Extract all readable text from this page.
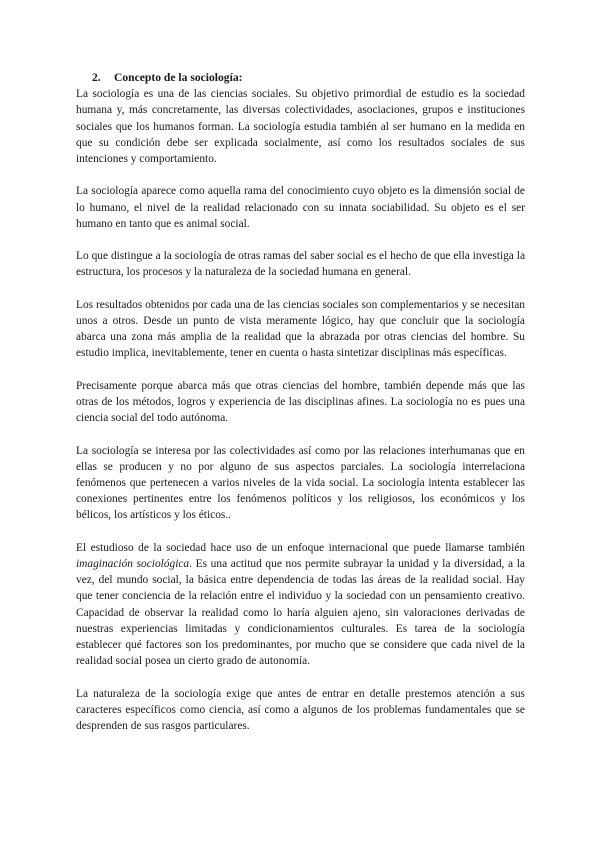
2. Concepto de la sociología:

La sociología es una de las ciencias sociales. Su objetivo primordial de estudio es la sociedad humana y, más concretamente, las diversas colectividades, asociaciones, grupos e instituciones sociales que los humanos forman. La sociología estudia también al ser humano en la medida en que su condición debe ser explicada socialmente, así como los resultados sociales de sus intenciones y comportamiento.

La sociología aparece como aquella rama del conocimiento cuyo objeto es la dimensión social de lo humano, el nivel de la realidad relacionado con su innata sociabilidad. Su objeto es el ser humano en tanto que es animal social.

Lo que distingue a la sociología de otras ramas del saber social es el hecho de que ella investiga la estructura, los procesos y la naturaleza de la sociedad humana en general.

Los resultados obtenidos por cada una de las ciencias sociales son complementarios y se necesitan unos a otros. Desde un punto de vista meramente lógico, hay que concluir que la sociología abarca una zona más amplia de la realidad que la abrazada por otras ciencias del hombre. Su estudio implica, inevitablemente, tener en cuenta o hasta sintetizar disciplinas más específicas.

Precisamente porque abarca más que otras ciencias del hombre, también depende más que las otras de los métodos, logros y experiencia de las disciplinas afines. La sociología no es pues una ciencia social del todo autónoma.

La sociología se interesa por las colectividades así como por las relaciones interhumanas que en ellas se producen y no por alguno de sus aspectos parciales. La sociología interrelaciona fenómenos que pertenecen a varios niveles de la vida social. La sociología intenta establecer las conexiones pertinentes entre los fenómenos políticos y los religiosos, los económicos y los bélicos, los artísticos y los éticos..

El estudioso de la sociedad hace uso de un enfoque internacional que puede llamarse también imaginación sociológica. Es una actitud que nos permite subrayar la unidad y la diversidad, a la vez, del mundo social, la básica entre dependencia de todas las áreas de la realidad social. Hay que tener conciencia de la relación entre el individuo y la sociedad con un pensamiento creativo. Capacidad de observar la realidad como lo haría alguien ajeno, sin valoraciones derivadas de nuestras experiencias limitadas y condicionamientos culturales. Es tarea de la sociología establecer qué factores son los predominantes, por mucho que se considere que cada nivel de la realidad social posea un cierto grado de autonomía.

La naturaleza de la sociología exige que antes de entrar en detalle prestemos atención a sus caracteres específicos como ciencia, así como a algunos de los problemas fundamentales que se desprenden de sus rasgos particulares.
